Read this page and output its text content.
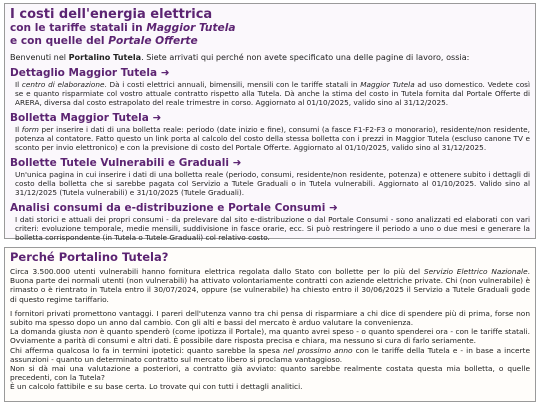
I costi dell'energia elettrica
con le tariffe statali in Maggior Tutela
e con quelle del Portale Offerte
Benvenuti nel Portalino Tutela. Siete arrivati qui perché non avete specificato una delle pagine di lavoro, ossia:
Dettaglio Maggior Tutela ➜
Il centro di elaborazione. Dà i costi elettrici annuali, bimensili, mensili con le tariffe statali in Maggior Tutela ad uso domestico. Vedete così se e quanto risparmiate col vostro attuale contratto rispetto alla Tutela. Dà anche la stima del costo in Tutela fornita dal Portale Offerte di ARERA, diversa dal costo estrapolato del reale trimestre in corso. Aggiornato al 01/10/2025, valido sino al 31/12/2025.
Bolletta Maggior Tutela ➜
Il form per inserire i dati di una bolletta reale: periodo (date inizio e fine), consumi (a fasce F1-F2-F3 o monorario), residente/non residente, potenza al contatore. Fatto questo un link porta al calcolo del costo della stessa bolletta con i prezzi in Maggior Tutela (escluso canone TV e sconto per invio elettronico) e con la previsione di costo del Portale Offerte. Aggiornato al 01/10/2025, valido sino al 31/12/2025.
Bollette Tutele Vulnerabili e Graduali ➜
Un'unica pagina in cui inserire i dati di una bolletta reale (periodo, consumi, residente/non residente, potenza) e ottenere subito i dettagli di costo della bolletta che si sarebbe pagata col Servizio a Tutele Graduali o in Tutela vulnerabili. Aggiornato al 01/10/2025. Valido sino al 31/12/2025 (Tutela vulnerabili) e 31/10/2025 (Tutele Graduali).
Analisi consumi da e-distribuzione e Portale Consumi ➜
I dati storici e attuali dei propri consumi - da prelevare dal sito e-distribuzione o dal Portale Consumi - sono analizzati ed elaborati con vari criteri: evoluzione temporale, medie mensili, suddivisione in fasce orarie, ecc. Si può restringere il periodo a uno o due mesi e generare la bolletta corrispondente (in Tutela o Tutele Graduali) col relativo costo.
Perché Portalino Tutela?
Circa 3.500.000 utenti vulnerabili hanno fornitura elettrica regolata dallo Stato con bollette per lo più del Servizio Elettrico Nazionale. Buona parte dei normali utenti (non vulnerabili) ha attivato volontariamente contratti con aziende elettriche private. Chi (non vulnerabile) è rimasto o è rientrato in Tutela entro il 30/07/2024, oppure (se vulnerabile) ha chiesto entro il 30/06/2025 il Servizio a Tutele Graduali gode di questo regime tariffario.
I fornitori privati promettono vantaggi. I pareri dell'utenza vanno tra chi pensa di risparmiare a chi dice di spendere più di prima, forse non subito ma spesso dopo un anno dal cambio. Con gli alti e bassi del mercato è arduo valutare la convenienza.
La domanda giusta non è quanto spenderò (come ipotizza il Portale), ma quanto avrei speso - o quanto spenderei ora - con le tariffe statali. Ovviamente a parità di consumi e altri dati. È possibile dare risposta precisa e chiara, ma nessuno si cura di farlo seriamente.
Chi afferma qualcosa lo fa in termini ipotetici: quanto sarebbe la spesa nel prossimo anno con le tariffe della Tutela e - in base a incerte assunzioni - quanto un determinato contratto sul mercato libero si proclama vantaggioso.
Non si dà mai una valutazione a posteriori, a contratto già avviato: quanto sarebbe realmente costata questa mia bolletta, o quelle precedenti, con la Tutela?
È un calcolo fattibile e su base certa. Lo trovate qui con tutti i dettagli analitici.
